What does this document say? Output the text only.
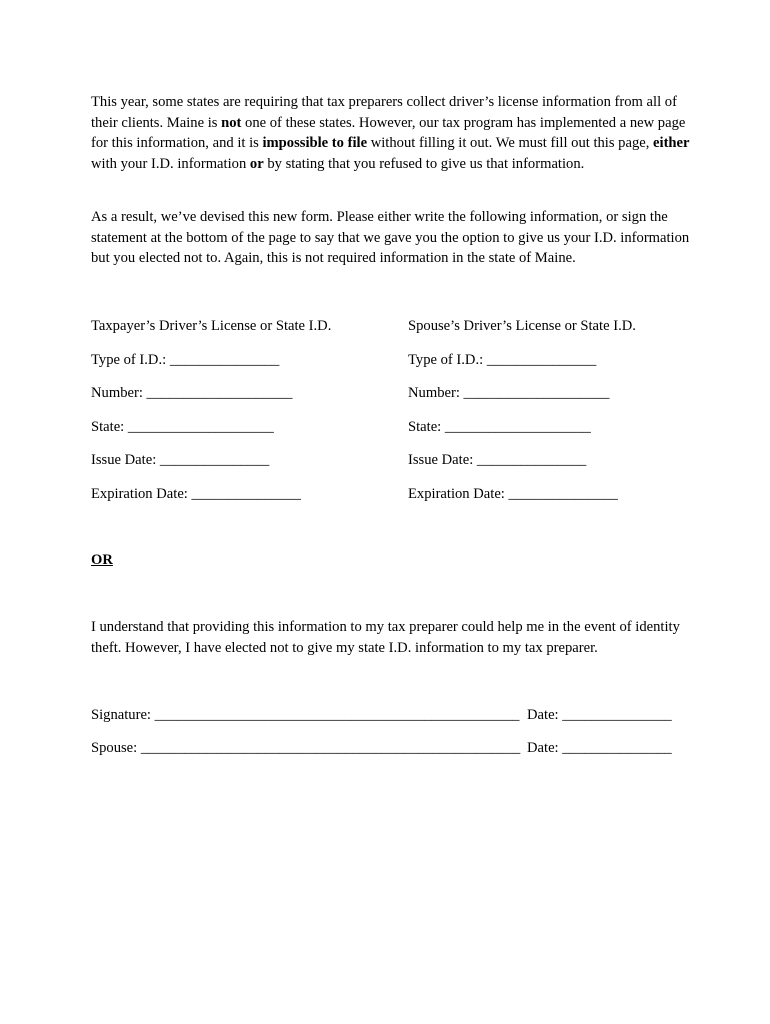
This year, some states are requiring that tax preparers collect driver’s license information from all of their clients. Maine is not one of these states. However, our tax program has implemented a new page for this information, and it is impossible to file without filling it out. We must fill out this page, either with your I.D. information or by stating that you refused to give us that information.

As a result, we’ve devised this new form. Please either write the following information, or sign the statement at the bottom of the page to say that we gave you the option to give us your I.D. information but you elected not to. Again, this is not required information in the state of Maine.

Taxpayer’s Driver’s License or State I.D.
Type of I.D.: _______________
Number: ____________________
State: ____________________
Issue Date: _______________
Expiration Date: _______________
Spouse’s Driver’s License or State I.D.
Type of I.D.: _______________
Number: ____________________
State: ____________________
Issue Date: _______________
Expiration Date: _______________
OR

I understand that providing this information to my tax preparer could help me in the event of identity theft. However, I have elected not to give my state I.D. information to my tax preparer.

Signature: __________________________________________________ Date: _______________
Spouse: ____________________________________________________ Date: _______________
